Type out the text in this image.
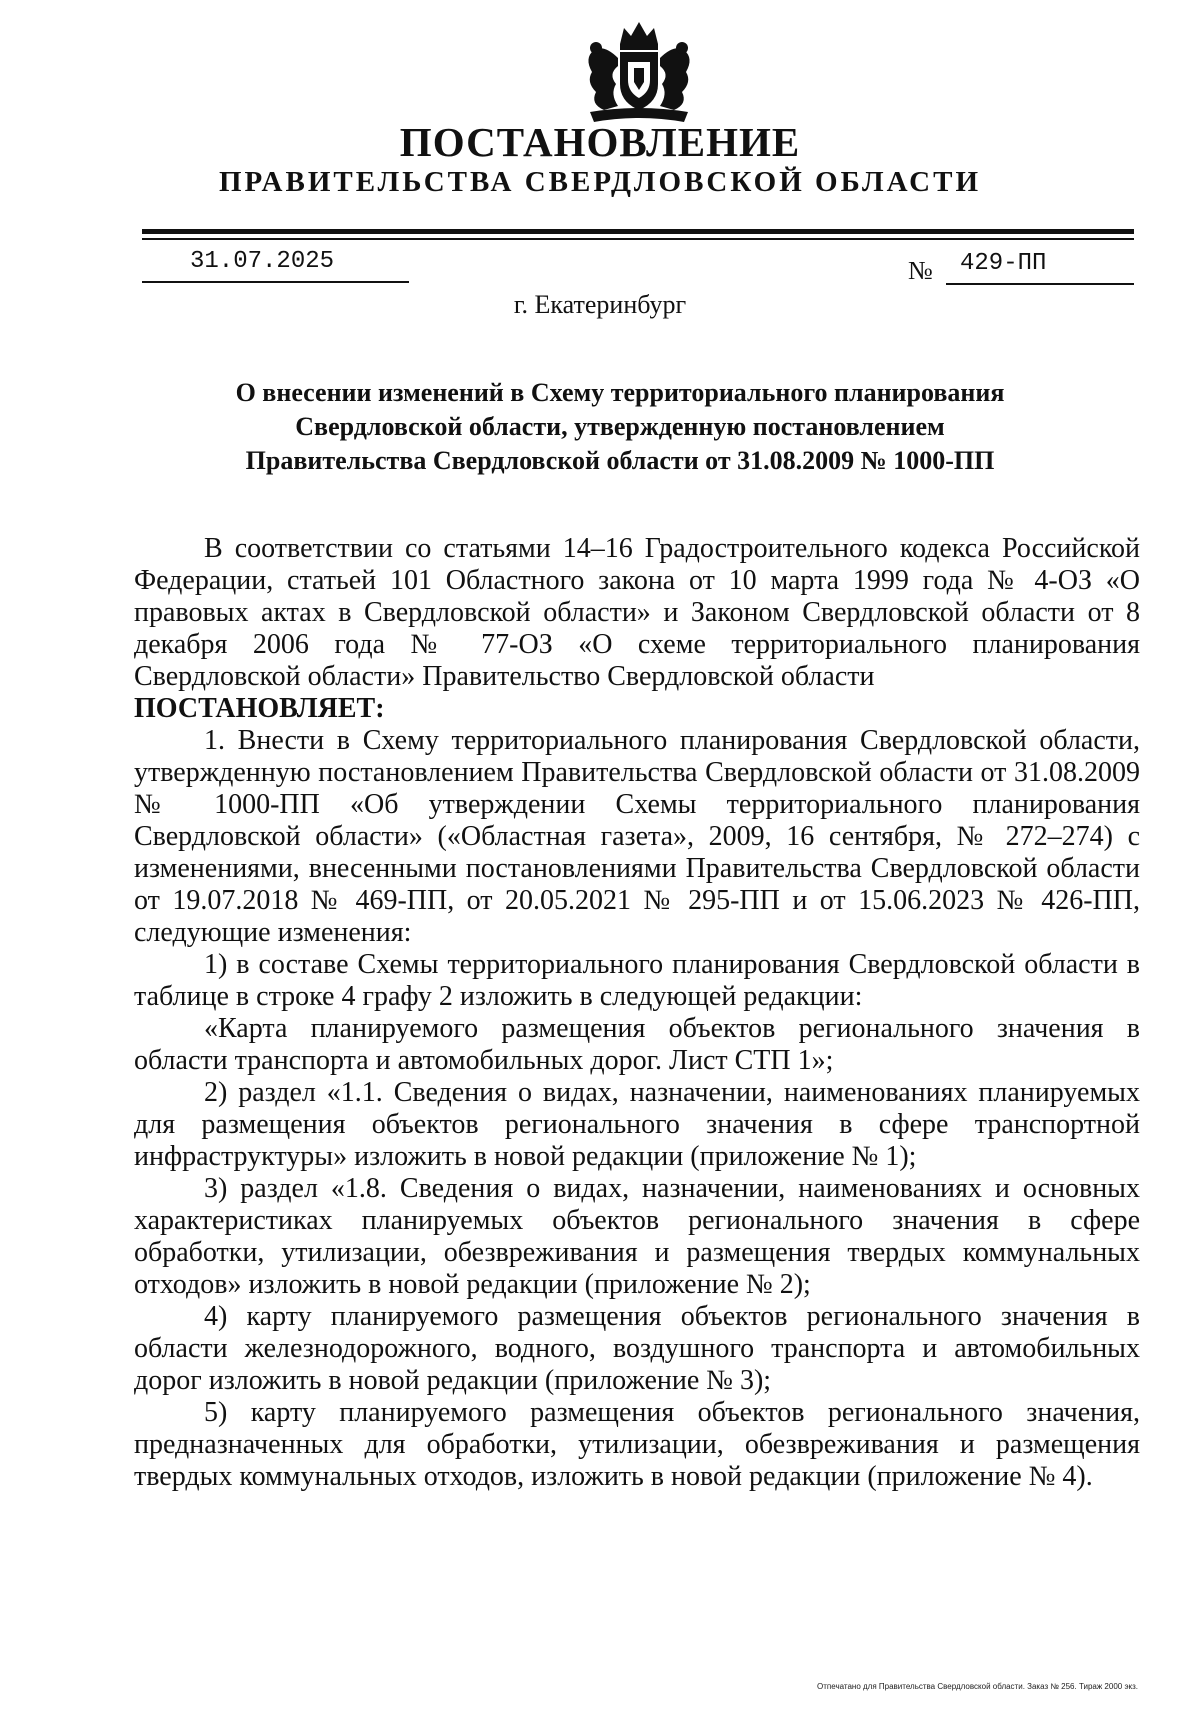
ПОСТАНОВЛЕНИЕ
ПРАВИТЕЛЬСТВА СВЕРДЛОВСКОЙ ОБЛАСТИ
31.07.2025	№ 429-ПП
г. Екатеринбург
О внесении изменений в Схему территориального планирования
Свердловской области, утвержденную постановлением
Правительства Свердловской области от 31.08.2009 № 1000-ПП

В соответствии со статьями 14–16 Градостроительного кодекса Российской Федерации, статьей 101 Областного закона от 10 марта 1999 года № 4-ОЗ «О правовых актах в Свердловской области» и Законом Свердловской области от 8 декабря 2006 года № 77-ОЗ «О схеме территориального планирования Свердловской области» Правительство Свердловской области

ПОСТАНОВЛЯЕТ:

1. Внести в Схему территориального планирования Свердловской области, утвержденную постановлением Правительства Свердловской области от 31.08.2009 № 1000-ПП «Об утверждении Схемы территориального планирования Свердловской области» («Областная газета», 2009, 16 сентября, № 272–274) с изменениями, внесенными постановлениями Правительства Свердловской области от 19.07.2018 № 469-ПП, от 20.05.2021 № 295-ПП и от 15.06.2023 № 426-ПП, следующие изменения:

1) в составе Схемы территориального планирования Свердловской области в таблице в строке 4 графу 2 изложить в следующей редакции:

«Карта планируемого размещения объектов регионального значения в области транспорта и автомобильных дорог. Лист СТП 1»;

2) раздел «1.1. Сведения о видах, назначении, наименованиях планируемых для размещения объектов регионального значения в сфере транспортной инфраструктуры» изложить в новой редакции (приложение № 1);

3) раздел «1.8. Сведения о видах, назначении, наименованиях и основных характеристиках планируемых объектов регионального значения в сфере обработки, утилизации, обезвреживания и размещения твердых коммунальных отходов» изложить в новой редакции (приложение № 2);

4) карту планируемого размещения объектов регионального значения в области железнодорожного, водного, воздушного транспорта и автомобильных дорог изложить в новой редакции (приложение № 3);

5) карту планируемого размещения объектов регионального значения, предназначенных для обработки, утилизации, обезвреживания и размещения твердых коммунальных отходов, изложить в новой редакции (приложение № 4).

Отпечатано для Правительства Свердловской области. Заказ № 256. Тираж 2000 экз.
